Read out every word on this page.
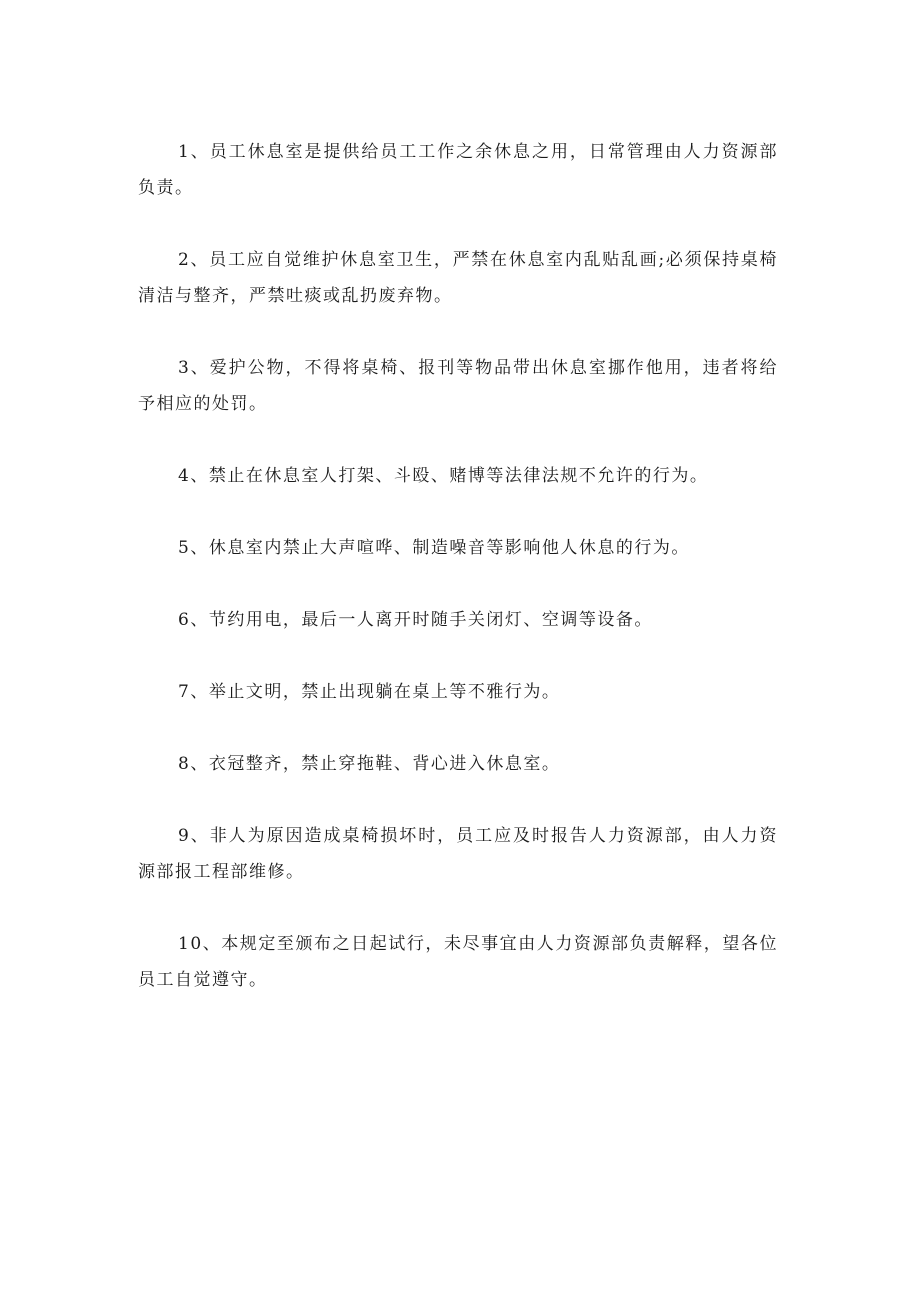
1、员工休息室是提供给员工工作之余休息之用，日常管理由人力资源部负责。

2、员工应自觉维护休息室卫生，严禁在休息室内乱贴乱画;必须保持桌椅清洁与整齐，严禁吐痰或乱扔废弃物。

3、爱护公物，不得将桌椅、报刊等物品带出休息室挪作他用，违者将给予相应的处罚。

4、禁止在休息室人打架、斗殴、赌博等法律法规不允许的行为。

5、休息室内禁止大声喧哗、制造噪音等影响他人休息的行为。

6、节约用电，最后一人离开时随手关闭灯、空调等设备。

7、举止文明，禁止出现躺在桌上等不雅行为。

8、衣冠整齐，禁止穿拖鞋、背心进入休息室。

9、非人为原因造成桌椅损坏时，员工应及时报告人力资源部，由人力资源部报工程部维修。

10、本规定至颁布之日起试行，未尽事宜由人力资源部负责解释，望各位员工自觉遵守。
